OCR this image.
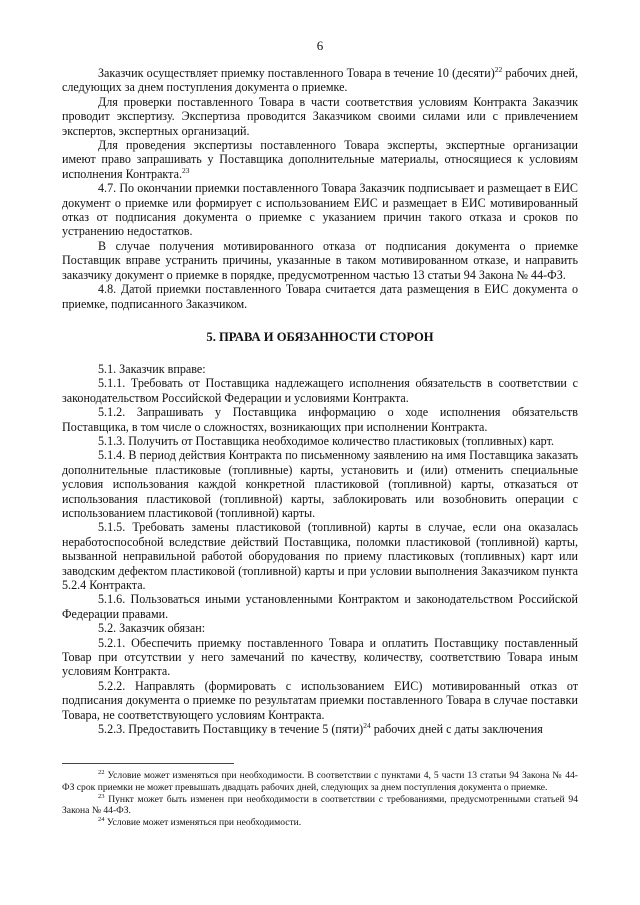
6

Заказчик осуществляет приемку поставленного Товара в течение 10 (десяти)$^{22}$ рабочих дней, следующих за днем поступления документа о приемке.

Для проверки поставленного Товара в части соответствия условиям Контракта Заказчик проводит экспертизу. Экспертиза проводится Заказчиком своими силами или с привлечением экспертов, экспертных организаций.

Для проведения экспертизы поставленного Товара эксперты, экспертные организации имеют право запрашивать у Поставщика дополнительные материалы, относящиеся к условиям исполнения Контракта.$^{23}$

4.7. По окончании приемки поставленного Товара Заказчик подписывает и размещает в ЕИС документ о приемке или формирует с использованием ЕИС и размещает в ЕИС мотивированный отказ от подписания документа о приемке с указанием причин такого отказа и сроков по устранению недостатков.

В случае получения мотивированного отказа от подписания документа о приемке Поставщик вправе устранить причины, указанные в таком мотивированном отказе, и направить заказчику документ о приемке в порядке, предусмотренном частью 13 статьи 94 Закона № 44-ФЗ.

4.8. Датой приемки поставленного Товара считается дата размещения в ЕИС документа о приемке, подписанного Заказчиком.

5. ПРАВА И ОБЯЗАННОСТИ СТОРОН

5.1. Заказчик вправе:

5.1.1. Требовать от Поставщика надлежащего исполнения обязательств в соответствии с законодательством Российской Федерации и условиями Контракта.

5.1.2. Запрашивать у Поставщика информацию о ходе исполнения обязательств Поставщика, в том числе о сложностях, возникающих при исполнении Контракта.

5.1.3. Получить от Поставщика необходимое количество пластиковых (топливных) карт.

5.1.4. В период действия Контракта по письменному заявлению на имя Поставщика заказать дополнительные пластиковые (топливные) карты, установить и (или) отменить специальные условия использования каждой конкретной пластиковой (топливной) карты, отказаться от использования пластиковой (топливной) карты, заблокировать или возобновить операции с использованием пластиковой (топливной) карты.

5.1.5. Требовать замены пластиковой (топливной) карты в случае, если она оказалась неработоспособной вследствие действий Поставщика, поломки пластиковой (топливной) карты, вызванной неправильной работой оборудования по приему пластиковых (топливных) карт или заводским дефектом пластиковой (топливной) карты и при условии выполнения Заказчиком пункта 5.2.4 Контракта.

5.1.6. Пользоваться иными установленными Контрактом и законодательством Российской Федерации правами.

5.2. Заказчик обязан:

5.2.1. Обеспечить приемку поставленного Товара и оплатить Поставщику поставленный Товар при отсутствии у него замечаний по качеству, количеству, соответствию Товара иным условиям Контракта.

5.2.2. Направлять (формировать с использованием ЕИС) мотивированный отказ от подписания документа о приемке по результатам приемки поставленного Товара в случае поставки Товара, не соответствующего условиям Контракта.

5.2.3. Предоставить Поставщику в течение 5 (пяти)$^{24}$ рабочих дней с даты заключения

$^{22}$ Условие может изменяться при необходимости. В соответствии с пунктами 4, 5 части 13 статьи 94 Закона № 44-ФЗ срок приемки не может превышать двадцать рабочих дней, следующих за днем поступления документа о приемке.

$^{23}$ Пункт может быть изменен при необходимости в соответствии с требованиями, предусмотренными статьей 94 Закона № 44-ФЗ.

$^{24}$ Условие может изменяться при необходимости.
